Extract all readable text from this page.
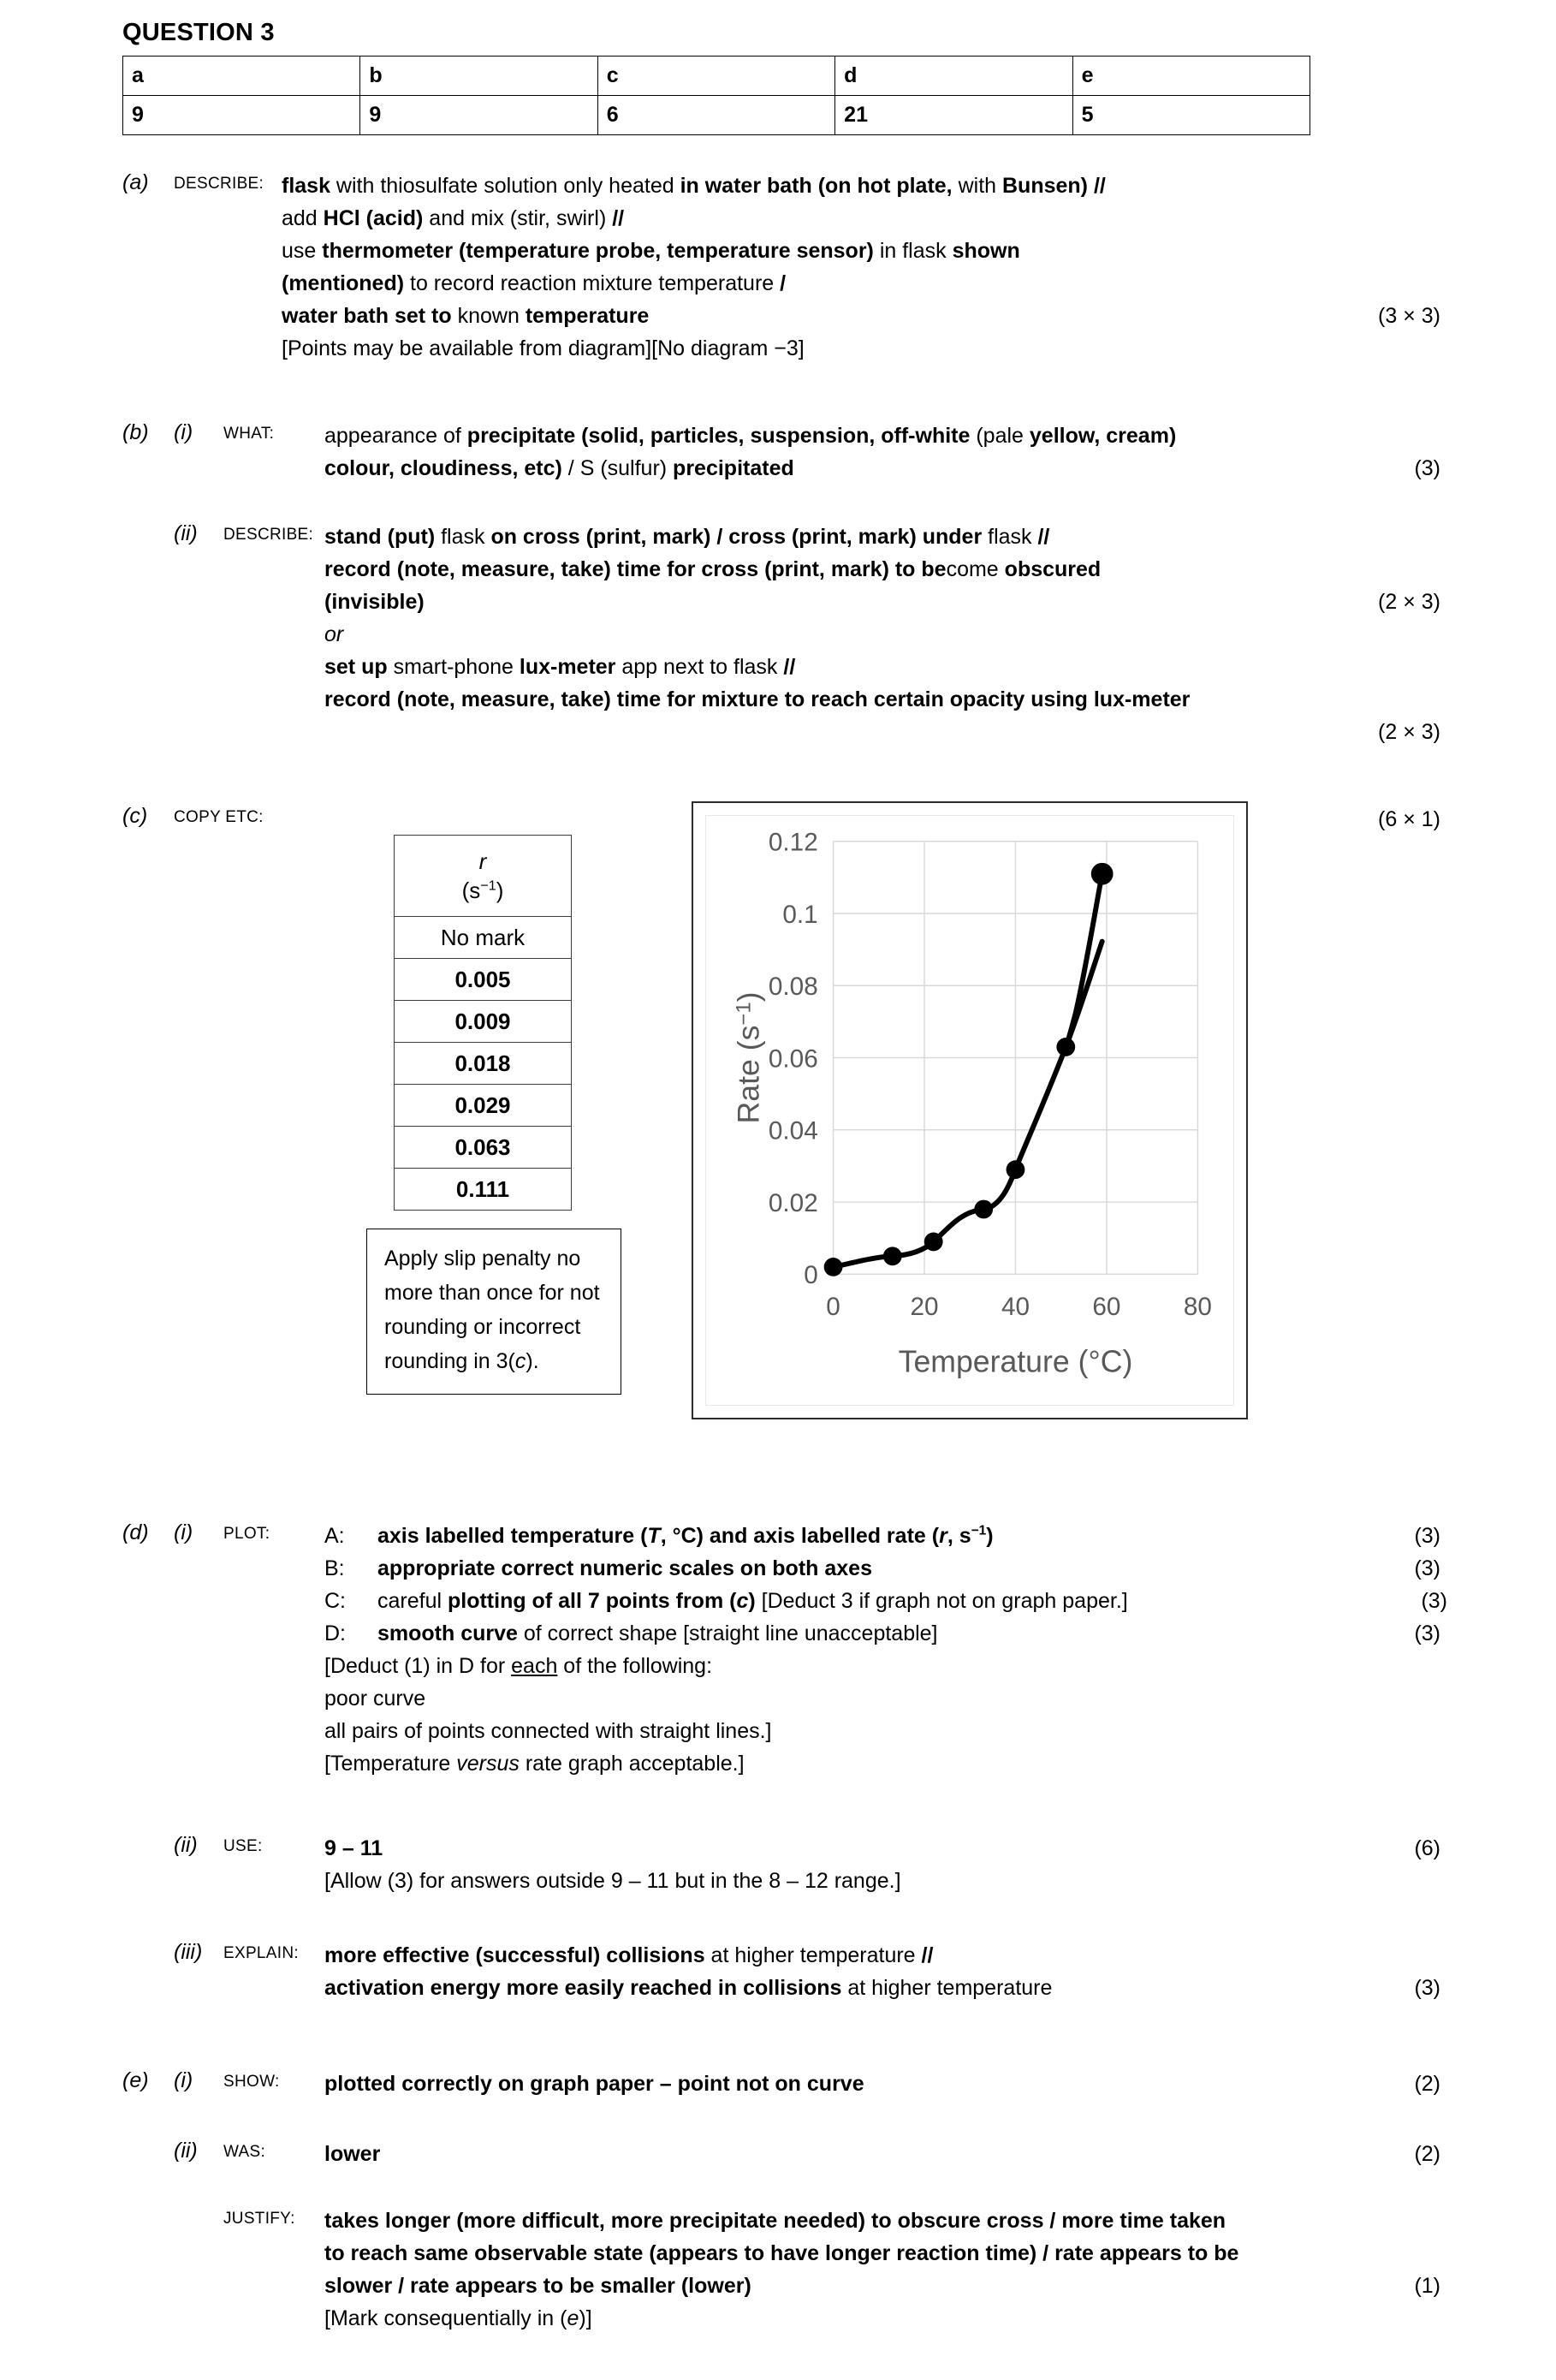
QUESTION 3
a	b	c	d	e
9	9	6	21	5
(a)	DESCRIBE: flask with thiosulfate solution only heated in water bath (on hot plate, with Bunsen) //
add HCl (acid) and mix (stir, swirl) //
use thermometer (temperature probe, temperature sensor) in flask shown
(mentioned) to record reaction mixture temperature /
water bath set to known temperature	(3 × 3)
[Points may be available from diagram][No diagram −3]
(b)	(i)	WHAT:	appearance of precipitate (solid, particles, suspension, off-white (pale yellow, cream)
colour, cloudiness, etc) / S (sulfur) precipitated	(3)
(ii)	DESCRIBE: stand (put) flask on cross (print, mark) / cross (print, mark) under flask //
record (note, measure, take) time for cross (print, mark) to become obscured
(invisible)	(2 × 3)
or
set up smart-phone lux-meter app next to flask //
record (note, measure, take) time for mixture to reach certain opacity using lux-meter
(2 × 3)
(c)	COPY ETC:	(6 × 1)
r
$(s^{-1})$
No mark
0.005
0.009
0.018
0.029
0.063
0.111
Apply slip penalty no more than once for not rounding or incorrect rounding in 3(c).
0
0.02
0.04
0.06
0.08
0.1
0.12
0	20 40 60 80
Temperature (°C)
Rate $(s^{-1})$
(d)	(i)	PLOT:	A: axis labelled temperature (T, °C) and axis labelled rate (r, $s^{-1}$)	(3)
B: appropriate correct numeric scales on both axes	(3)
C: careful plotting of all 7 points from (c) [Deduct 3 if graph not on graph paper.]	(3)
D: smooth curve of correct shape [straight line unacceptable]	(3)
[Deduct (1) in D for each of the following:
poor curve
all pairs of points connected with straight lines.]
[Temperature versus rate graph acceptable.]
(ii)	USE:	9 – 11	(6)
[Allow (3) for answers outside 9 – 11 but in the 8 – 12 range.]
(iii)	EXPLAIN:	more effective (successful) collisions at higher temperature //
activation energy more easily reached in collisions at higher temperature	(3)
(e)	(i)	SHOW:	plotted correctly on graph paper – point not on curve	(2)
(ii)	WAS:	lower	(2)
JUSTIFY:	takes longer (more difficult, more precipitate needed) to obscure cross / more time taken
to reach same observable state (appears to have longer reaction time) / rate appears to be
slower / rate appears to be smaller (lower)	(1)
[Mark consequentially in (e)]
